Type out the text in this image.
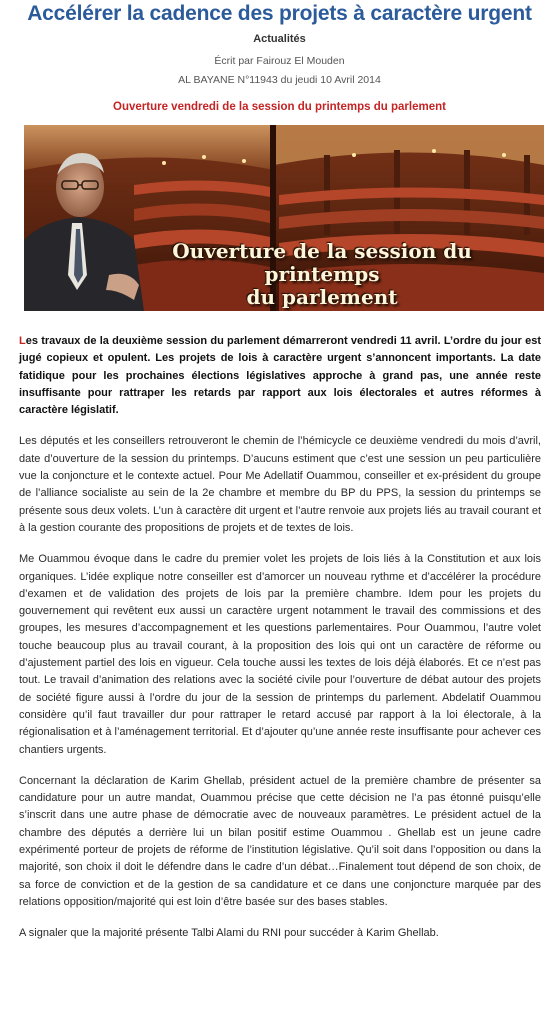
Accélérer la cadence des projets à caractère urgent
Actualités
Écrit par Fairouz El Mouden
AL BAYANE N°11943 du jeudi 10 Avril 2014
Ouverture vendredi de la session du printemps du parlement
Ouverture de la session du printemps
du parlement

Les travaux de la deuxième session du parlement démarreront vendredi 11 avril. L’ordre du jour est jugé copieux et opulent. Les projets de lois à caractère urgent s’annoncent importants. La date fatidique pour les prochaines élections législatives approche à grand pas, une année reste insuffisante pour rattraper les retards par rapport aux lois électorales et autres réformes à caractère législatif.

Les députés et les conseillers retrouveront le chemin de l’hémicycle ce deuxième vendredi du mois d’avril, date d’ouverture de la session du printemps. D’aucuns estiment que c’est une session un peu particulière vue la conjoncture et le contexte actuel. Pour Me Adellatif Ouammou, conseiller et ex-président du groupe de l’alliance socialiste au sein de la 2e chambre et membre du BP du PPS, la session du printemps se présente sous deux volets. L’un à caractère dit urgent et l’autre renvoie aux projets liés au travail courant et à la gestion courante des propositions de projets et de textes de lois.

Me Ouammou évoque dans le cadre du premier volet les projets de lois liés à la Constitution et aux lois organiques. L’idée explique notre conseiller est d’amorcer un nouveau rythme et d’accélérer la procédure d’examen et de validation des projets de lois par la première chambre. Idem pour les projets du gouvernement qui revêtent eux aussi un caractère urgent notamment le travail des commissions et des groupes, les mesures d’accompagnement et les questions parlementaires. Pour Ouammou, l’autre volet touche beaucoup plus au travail courant, à la proposition des lois qui ont un caractère de réforme ou d’ajustement partiel des lois en vigueur. Cela touche aussi les textes de lois déjà élaborés. Et ce n’est pas tout. Le travail d’animation des relations avec la société civile pour l’ouverture de débat autour des projets de société figure aussi à l’ordre du jour de la session de printemps du parlement. Abdelatif Ouammou considère qu’il faut travailler dur pour rattraper le retard accusé par rapport à la loi électorale, à la régionalisation et à l’aménagement territorial. Et d’ajouter qu’une année reste insuffisante pour achever ces chantiers urgents.

Concernant la déclaration de Karim Ghellab, président actuel de la première chambre de présenter sa candidature pour un autre mandat, Ouammou précise que cette décision ne l’a pas étonné puisqu’elle s’inscrit dans une autre phase de démocratie avec de nouveaux paramètres. Le président actuel de la chambre des députés a derrière lui un bilan positif estime Ouammou . Ghellab est un jeune cadre expérimenté porteur de projets de réforme de l’institution législative. Qu’il soit dans l’opposition ou dans la majorité, son choix il doit le défendre dans le cadre d’un débat…Finalement tout dépend de son choix, de sa force de conviction et de la gestion de sa candidature et ce dans une conjoncture marquée par des relations opposition/majorité qui est loin d’être basée sur des bases stables.

A signaler que la majorité présente Talbi Alami du RNI pour succéder à Karim Ghellab.
